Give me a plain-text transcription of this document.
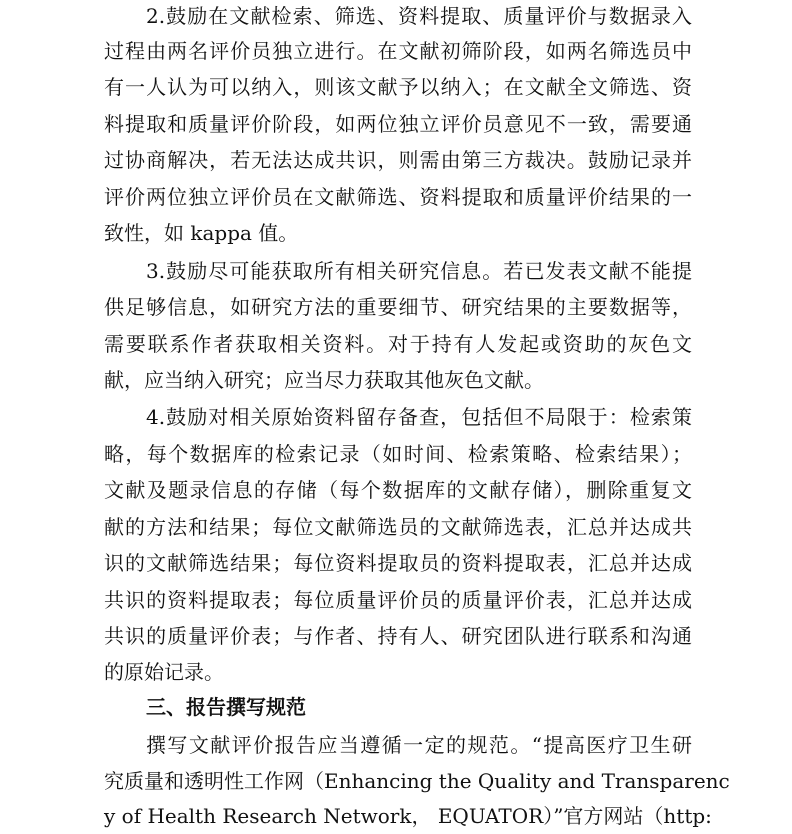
2.鼓励在文献检索、筛选、资料提取、质量评价与数据录入
过程由两名评价员独立进行。在文献初筛阶段，如两名筛选员中
有一人认为可以纳入，则该文献予以纳入；在文献全文筛选、资
料提取和质量评价阶段，如两位独立评价员意见不一致，需要通
过协商解决，若无法达成共识，则需由第三方裁决。鼓励记录并
评价两位独立评价员在文献筛选、资料提取和质量评价结果的一
致性，如 kappa 值。
3.鼓励尽可能获取所有相关研究信息。若已发表文献不能提
供足够信息，如研究方法的重要细节、研究结果的主要数据等，
需要联系作者获取相关资料。对于持有人发起或资助的灰色文
献，应当纳入研究；应当尽力获取其他灰色文献。
4.鼓励对相关原始资料留存备查，包括但不局限于：检索策
略，每个数据库的检索记录（如时间、检索策略、检索结果）；
文献及题录信息的存储（每个数据库的文献存储），删除重复文
献的方法和结果；每位文献筛选员的文献筛选表，汇总并达成共
识的文献筛选结果；每位资料提取员的资料提取表，汇总并达成
共识的资料提取表；每位质量评价员的质量评价表，汇总并达成
共识的质量评价表；与作者、持有人、研究团队进行联系和沟通
的原始记录。
三、报告撰写规范
撰写文献评价报告应当遵循一定的规范。“提高医疗卫生研
究质量和透明性工作网（Enhancing the Quality and Transparenc
y of Health Research Network， EQUATOR）”官方网站（http:
